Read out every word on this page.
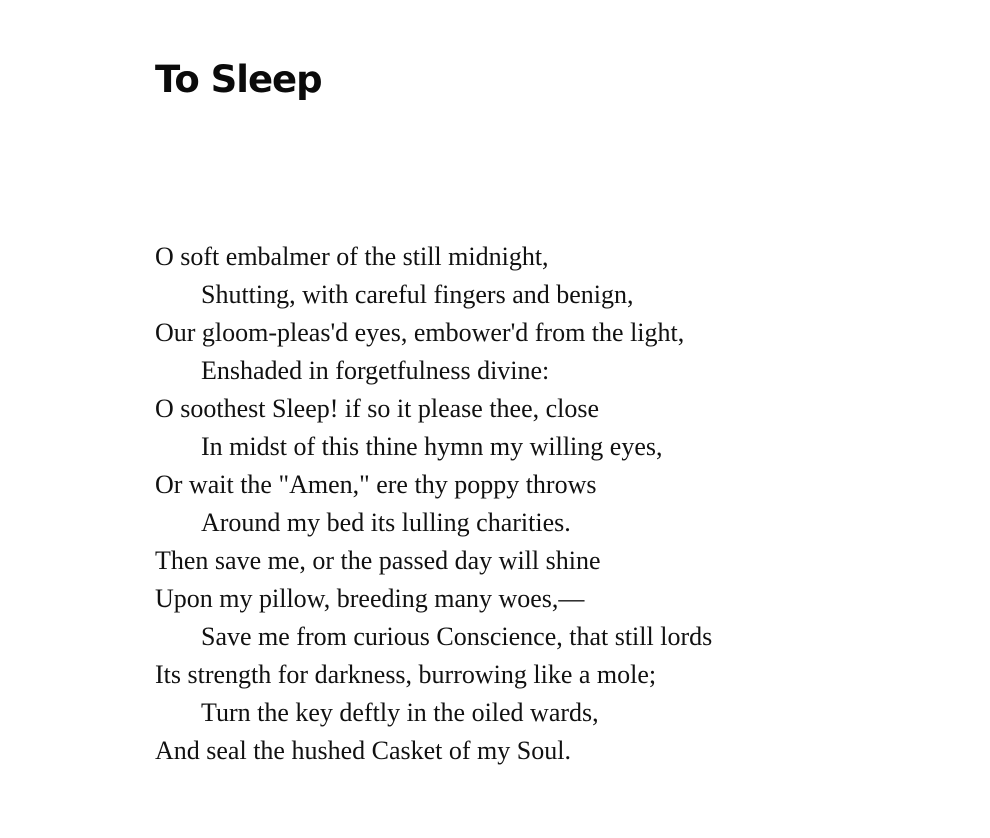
To Sleep
O soft embalmer of the still midnight,
Shutting, with careful fingers and benign,
Our gloom-pleas'd eyes, embower'd from the light,
Enshaded in forgetfulness divine:
O soothest Sleep! if so it please thee, close
In midst of this thine hymn my willing eyes,
Or wait the "Amen," ere thy poppy throws
Around my bed its lulling charities.
Then save me, or the passed day will shine
Upon my pillow, breeding many woes,—
Save me from curious Conscience, that still lords
Its strength for darkness, burrowing like a mole;
Turn the key deftly in the oiled wards,
And seal the hushed Casket of my Soul.
